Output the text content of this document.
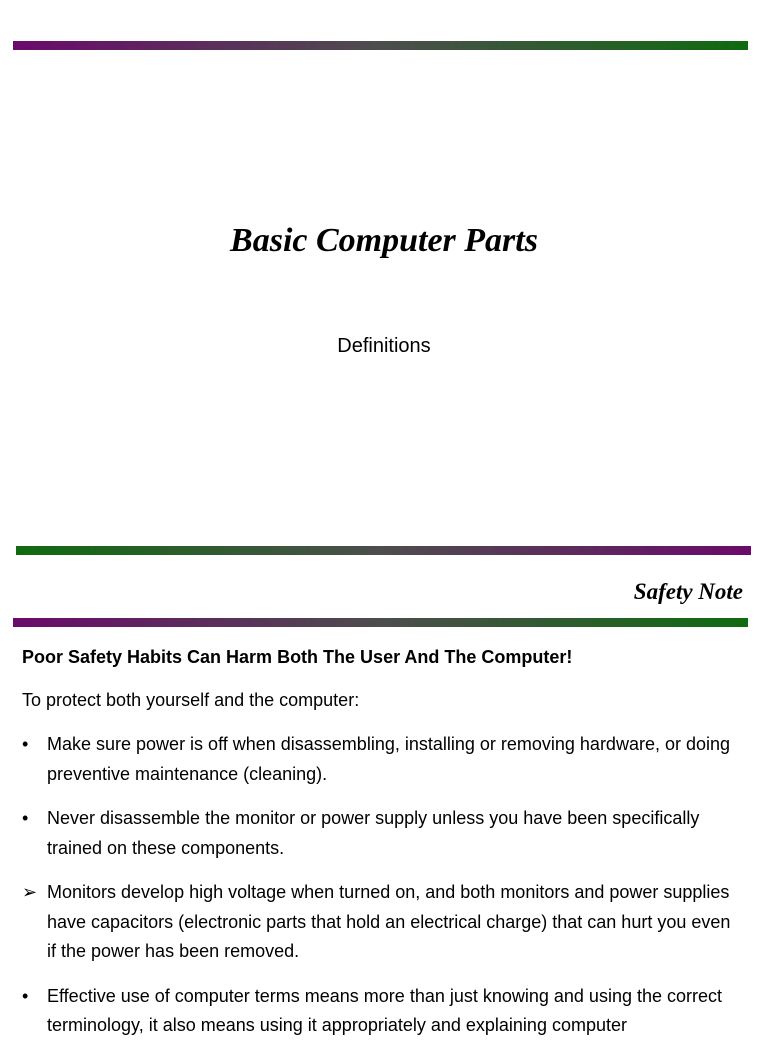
Basic Computer Parts
Definitions
Safety Note

Poor Safety Habits Can Harm Both The User And The Computer!

To protect both yourself and the computer:

• Make sure power is off when disassembling, installing or removing hardware, or doing preventive maintenance (cleaning).
• Never disassemble the monitor or power supply unless you have been specifically trained on these components.
➢ Monitors develop high voltage when turned on, and both monitors and power supplies have capacitors (electronic parts that hold an electrical charge) that can hurt you even if the power has been removed.
• Effective use of computer terms means more than just knowing and using the correct terminology, it also means using it appropriately and explaining computer
